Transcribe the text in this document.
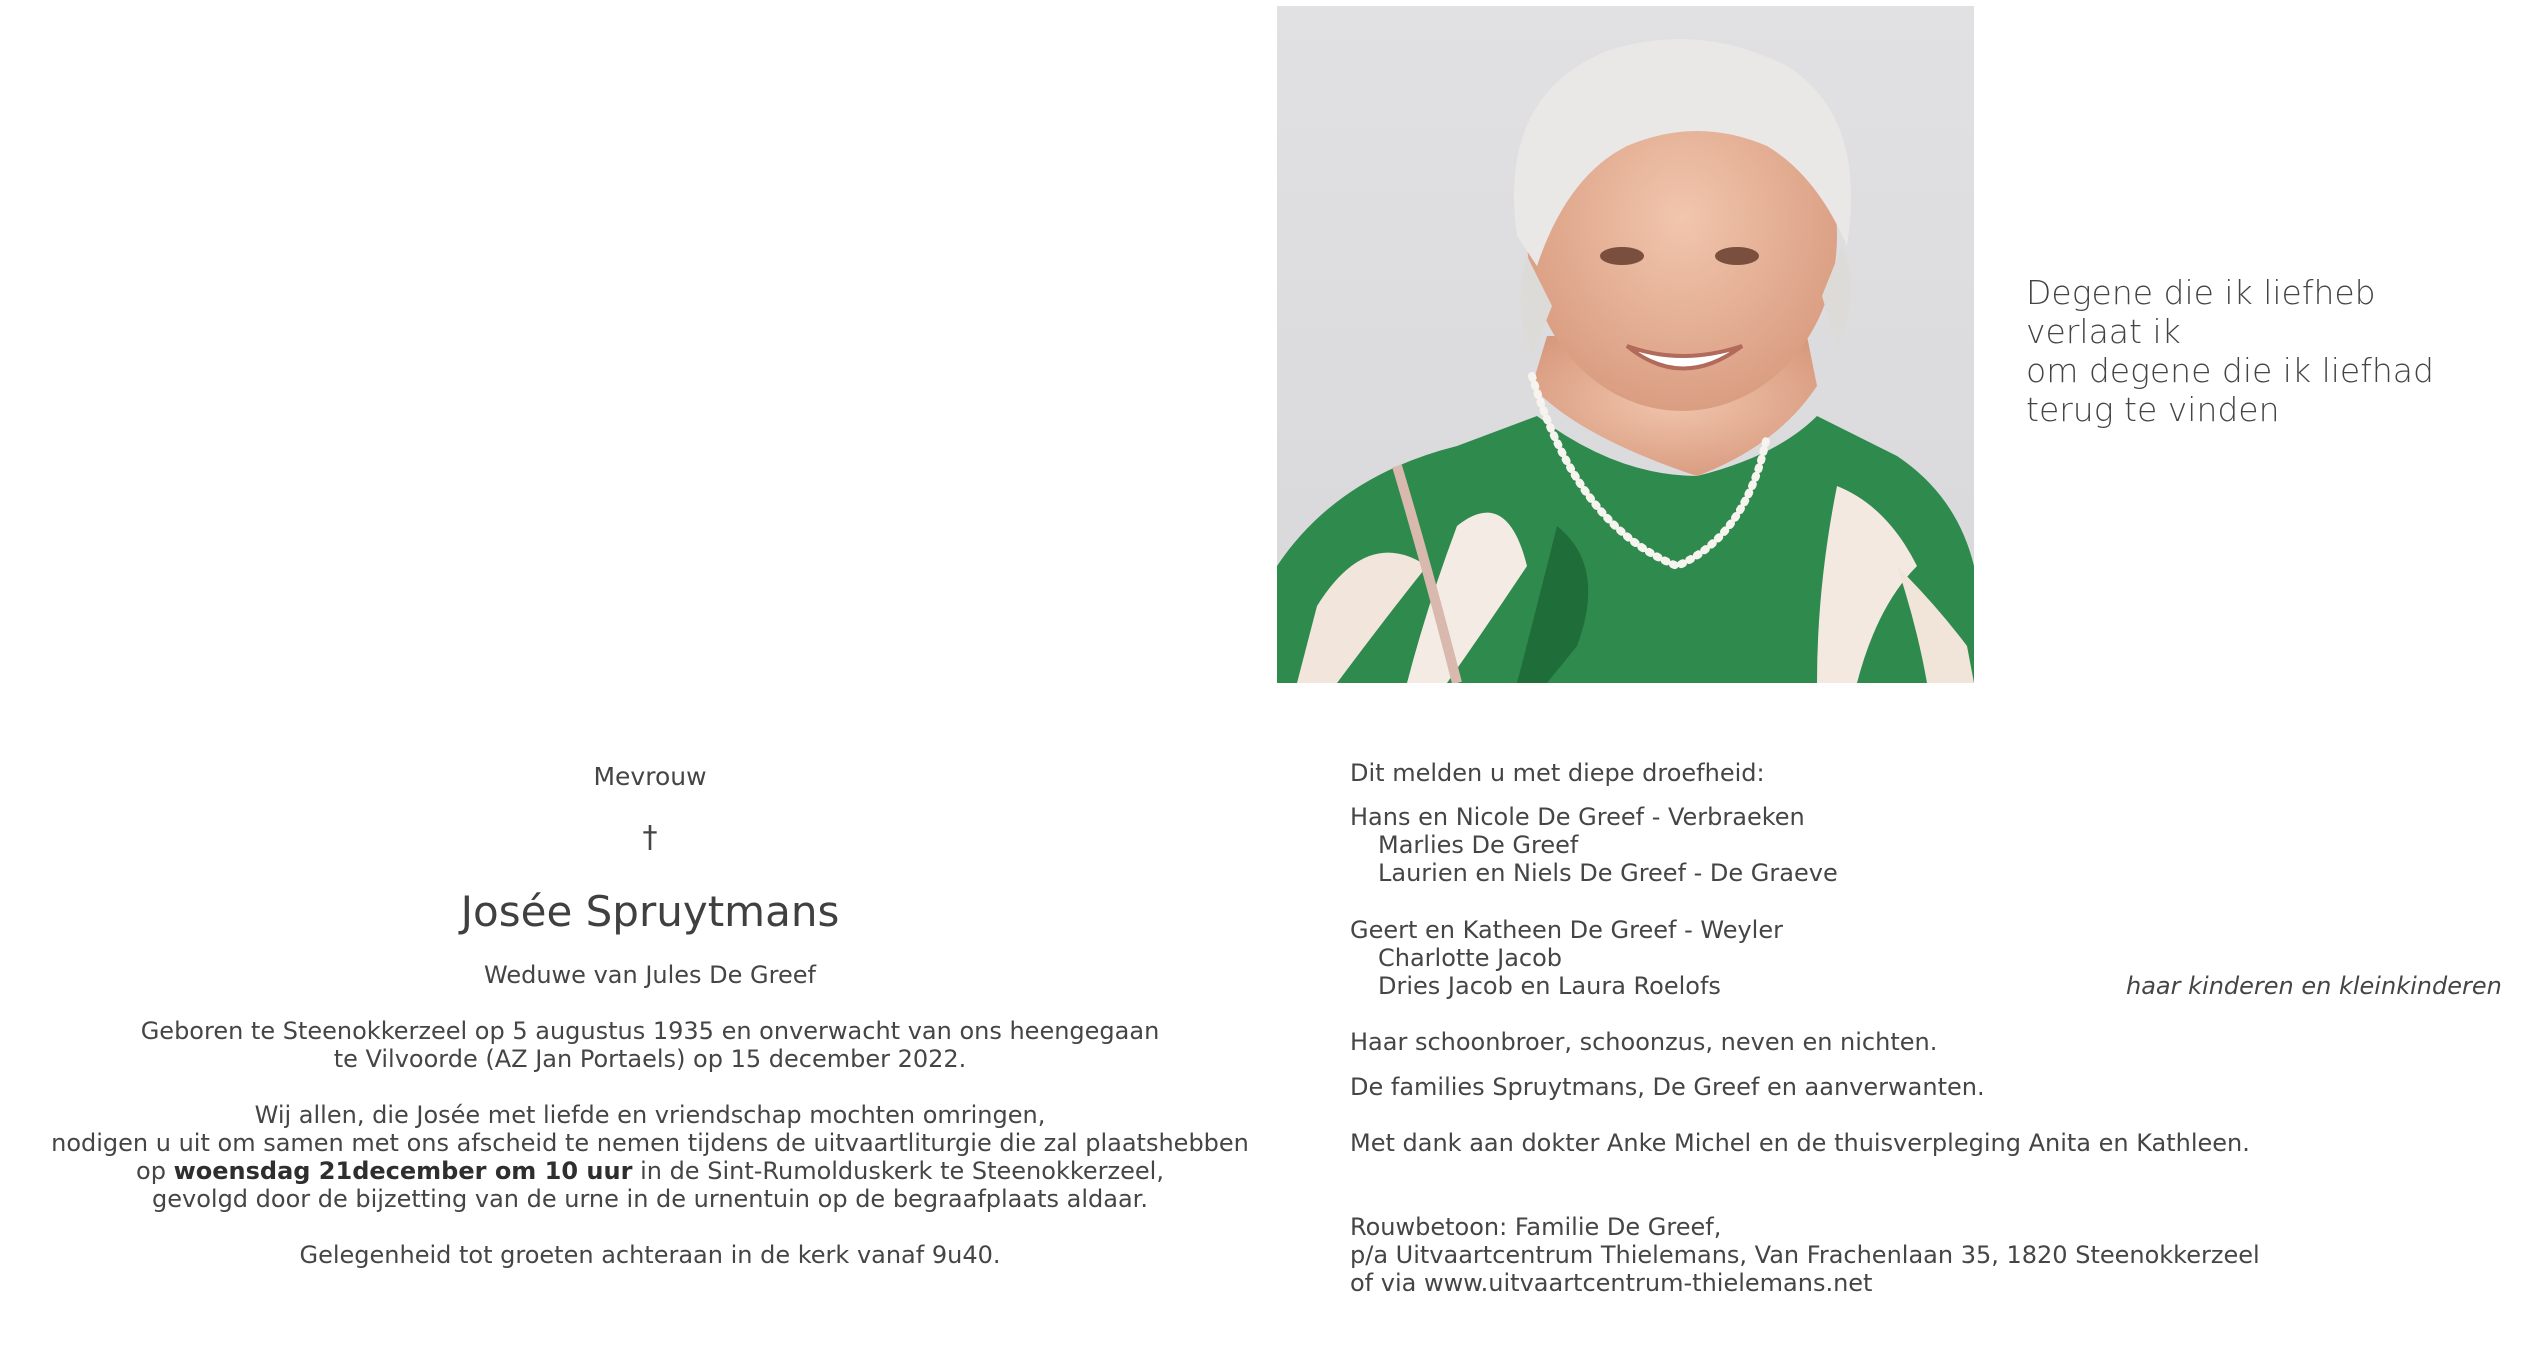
Degene die ik liefheb
verlaat ik
om degene die ik liefhad
terug te vinden
Mevrouw
†
Josée Spruytmans
Weduwe van Jules De Greef
Geboren te Steenokkerzeel op 5 augustus 1935 en onverwacht van ons heengegaan
te Vilvoorde (AZ Jan Portaels) op 15 december 2022.
Wij allen, die Josée met liefde en vriendschap mochten omringen,
nodigen u uit om samen met ons afscheid te nemen tijdens de uitvaartliturgie die zal plaatshebben
op woensdag 21december om 10 uur in de Sint-Rumolduskerk te Steenokkerzeel,
gevolgd door de bijzetting van de urne in de urnentuin op de begraafplaats aldaar.
Gelegenheid tot groeten achteraan in de kerk vanaf 9u40.
Dit melden u met diepe droefheid:
Hans en Nicole De Greef - Verbraeken
Marlies De Greef
Laurien en Niels De Greef - De Graeve
Geert en Katheen De Greef - Weyler
Charlotte Jacob
Dries Jacob en Laura Roelofs	haar kinderen en kleinkinderen
Haar schoonbroer, schoonzus, neven en nichten.
De families Spruytmans, De Greef en aanverwanten.
Met dank aan dokter Anke Michel en de thuisverpleging Anita en Kathleen.
Rouwbetoon: Familie De Greef,
p/a Uitvaartcentrum Thielemans, Van Frachenlaan 35, 1820 Steenokkerzeel
of via www.uitvaartcentrum-thielemans.net
